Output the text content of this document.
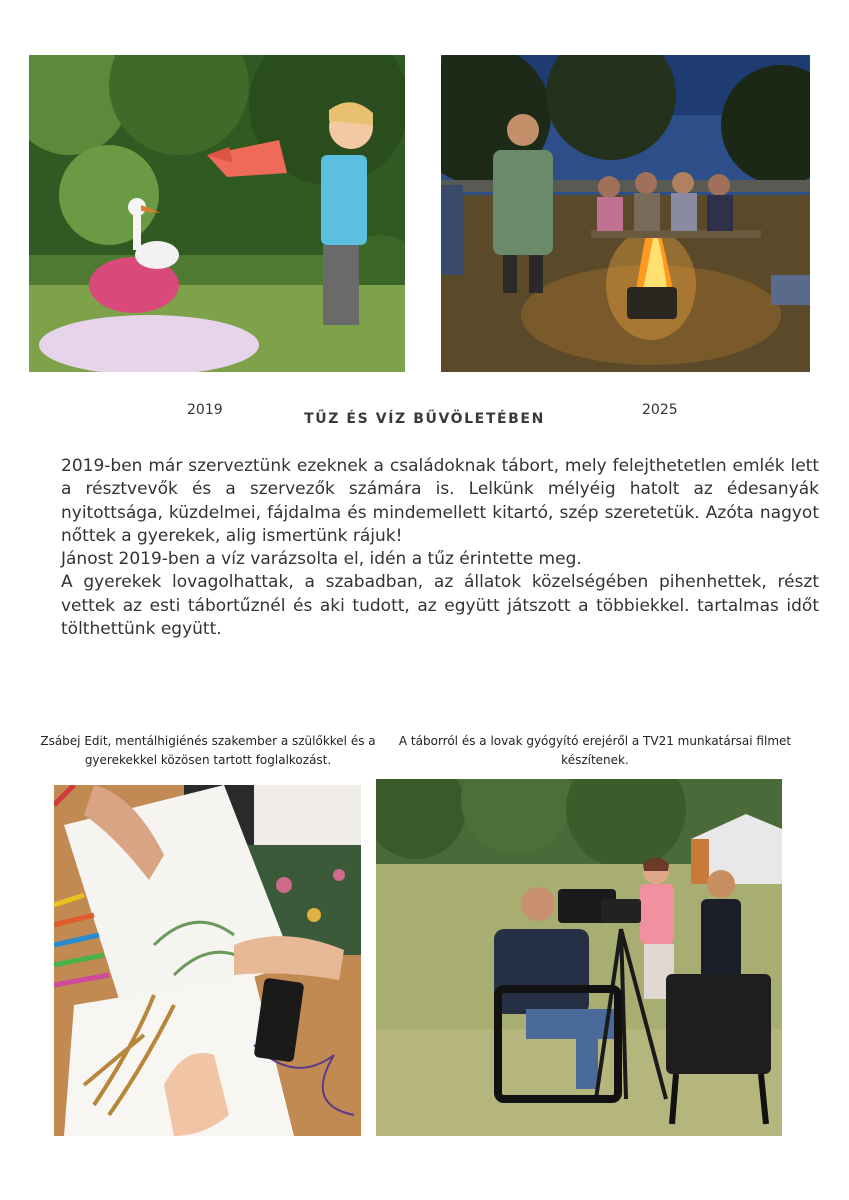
2019	2025
TŰZ ÉS VÍZ BŰVÖLETÉBEN

2019-ben már szerveztünk ezeknek a családoknak tábort, mely felejthetetlen emlék lett a résztvevők és a szervezők számára is. Lelkünk mélyéig hatolt az édesanyák nyitottsága, küzdelmei, fájdalma és mindemellett kitartó, szép szeretetük. Azóta nagyot nőttek a gyerekek, alig ismertünk rájuk!

Jánost 2019-ben a víz varázsolta el, idén a tűz érintette meg.

A gyerekek lovagolhattak, a szabadban, az állatok közelségében pihenhettek, részt vettek az esti tábortűznél és aki tudott, az együtt játszott a többiekkel. tartalmas időt tölthettünk együtt.

Zsábej Edit, mentálhigiénés szakember a szülőkkel és a gyerekekkel közösen tartott foglalkozást.
A táborról és a lovak gyógyító erejéről a TV21 munkatársai filmet készítenek.
